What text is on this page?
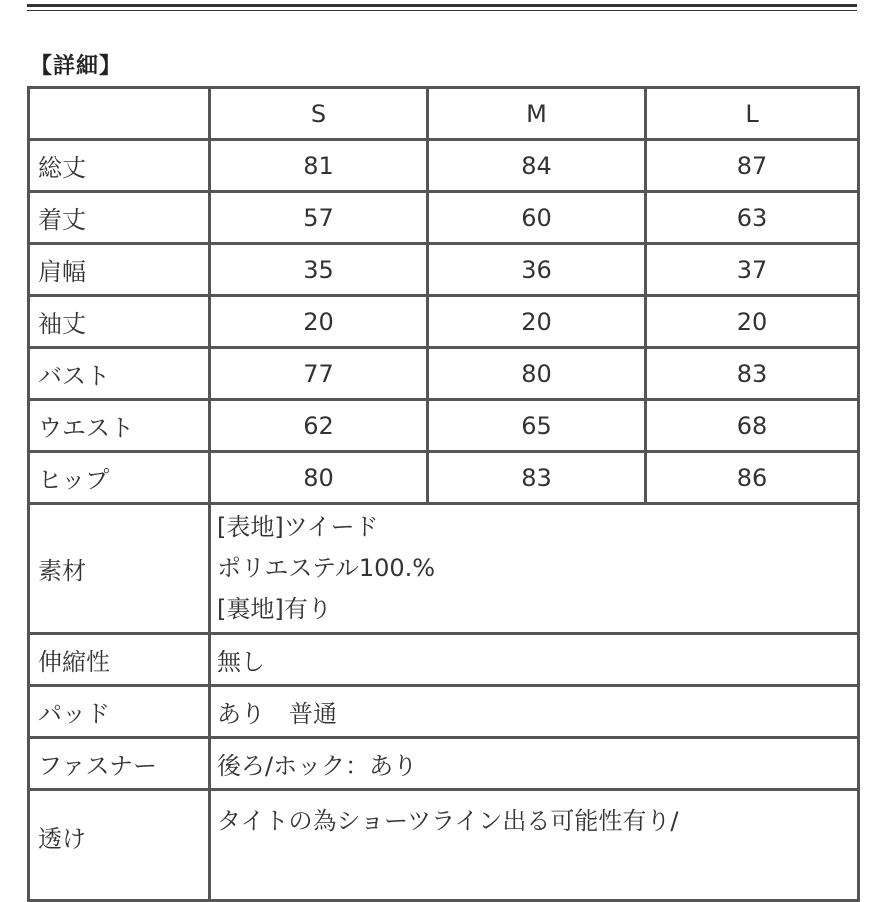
【詳細】
	S	M	L
総丈	81	84	87
着丈	57	60	63
肩幅	35	36	37
袖丈	20	20	20
バスト	77	80	83
ウエスト	62	65	68
ヒップ	80	83	86
素材	[表地]ツイード
ポリエステル100.%
[裏地]有り		

伸縮性	無し		
パッド	あり　普通		
ファスナー	後ろ/ホック：あり		
透け	タイトの為ショーツライン出る可能性有り/		
